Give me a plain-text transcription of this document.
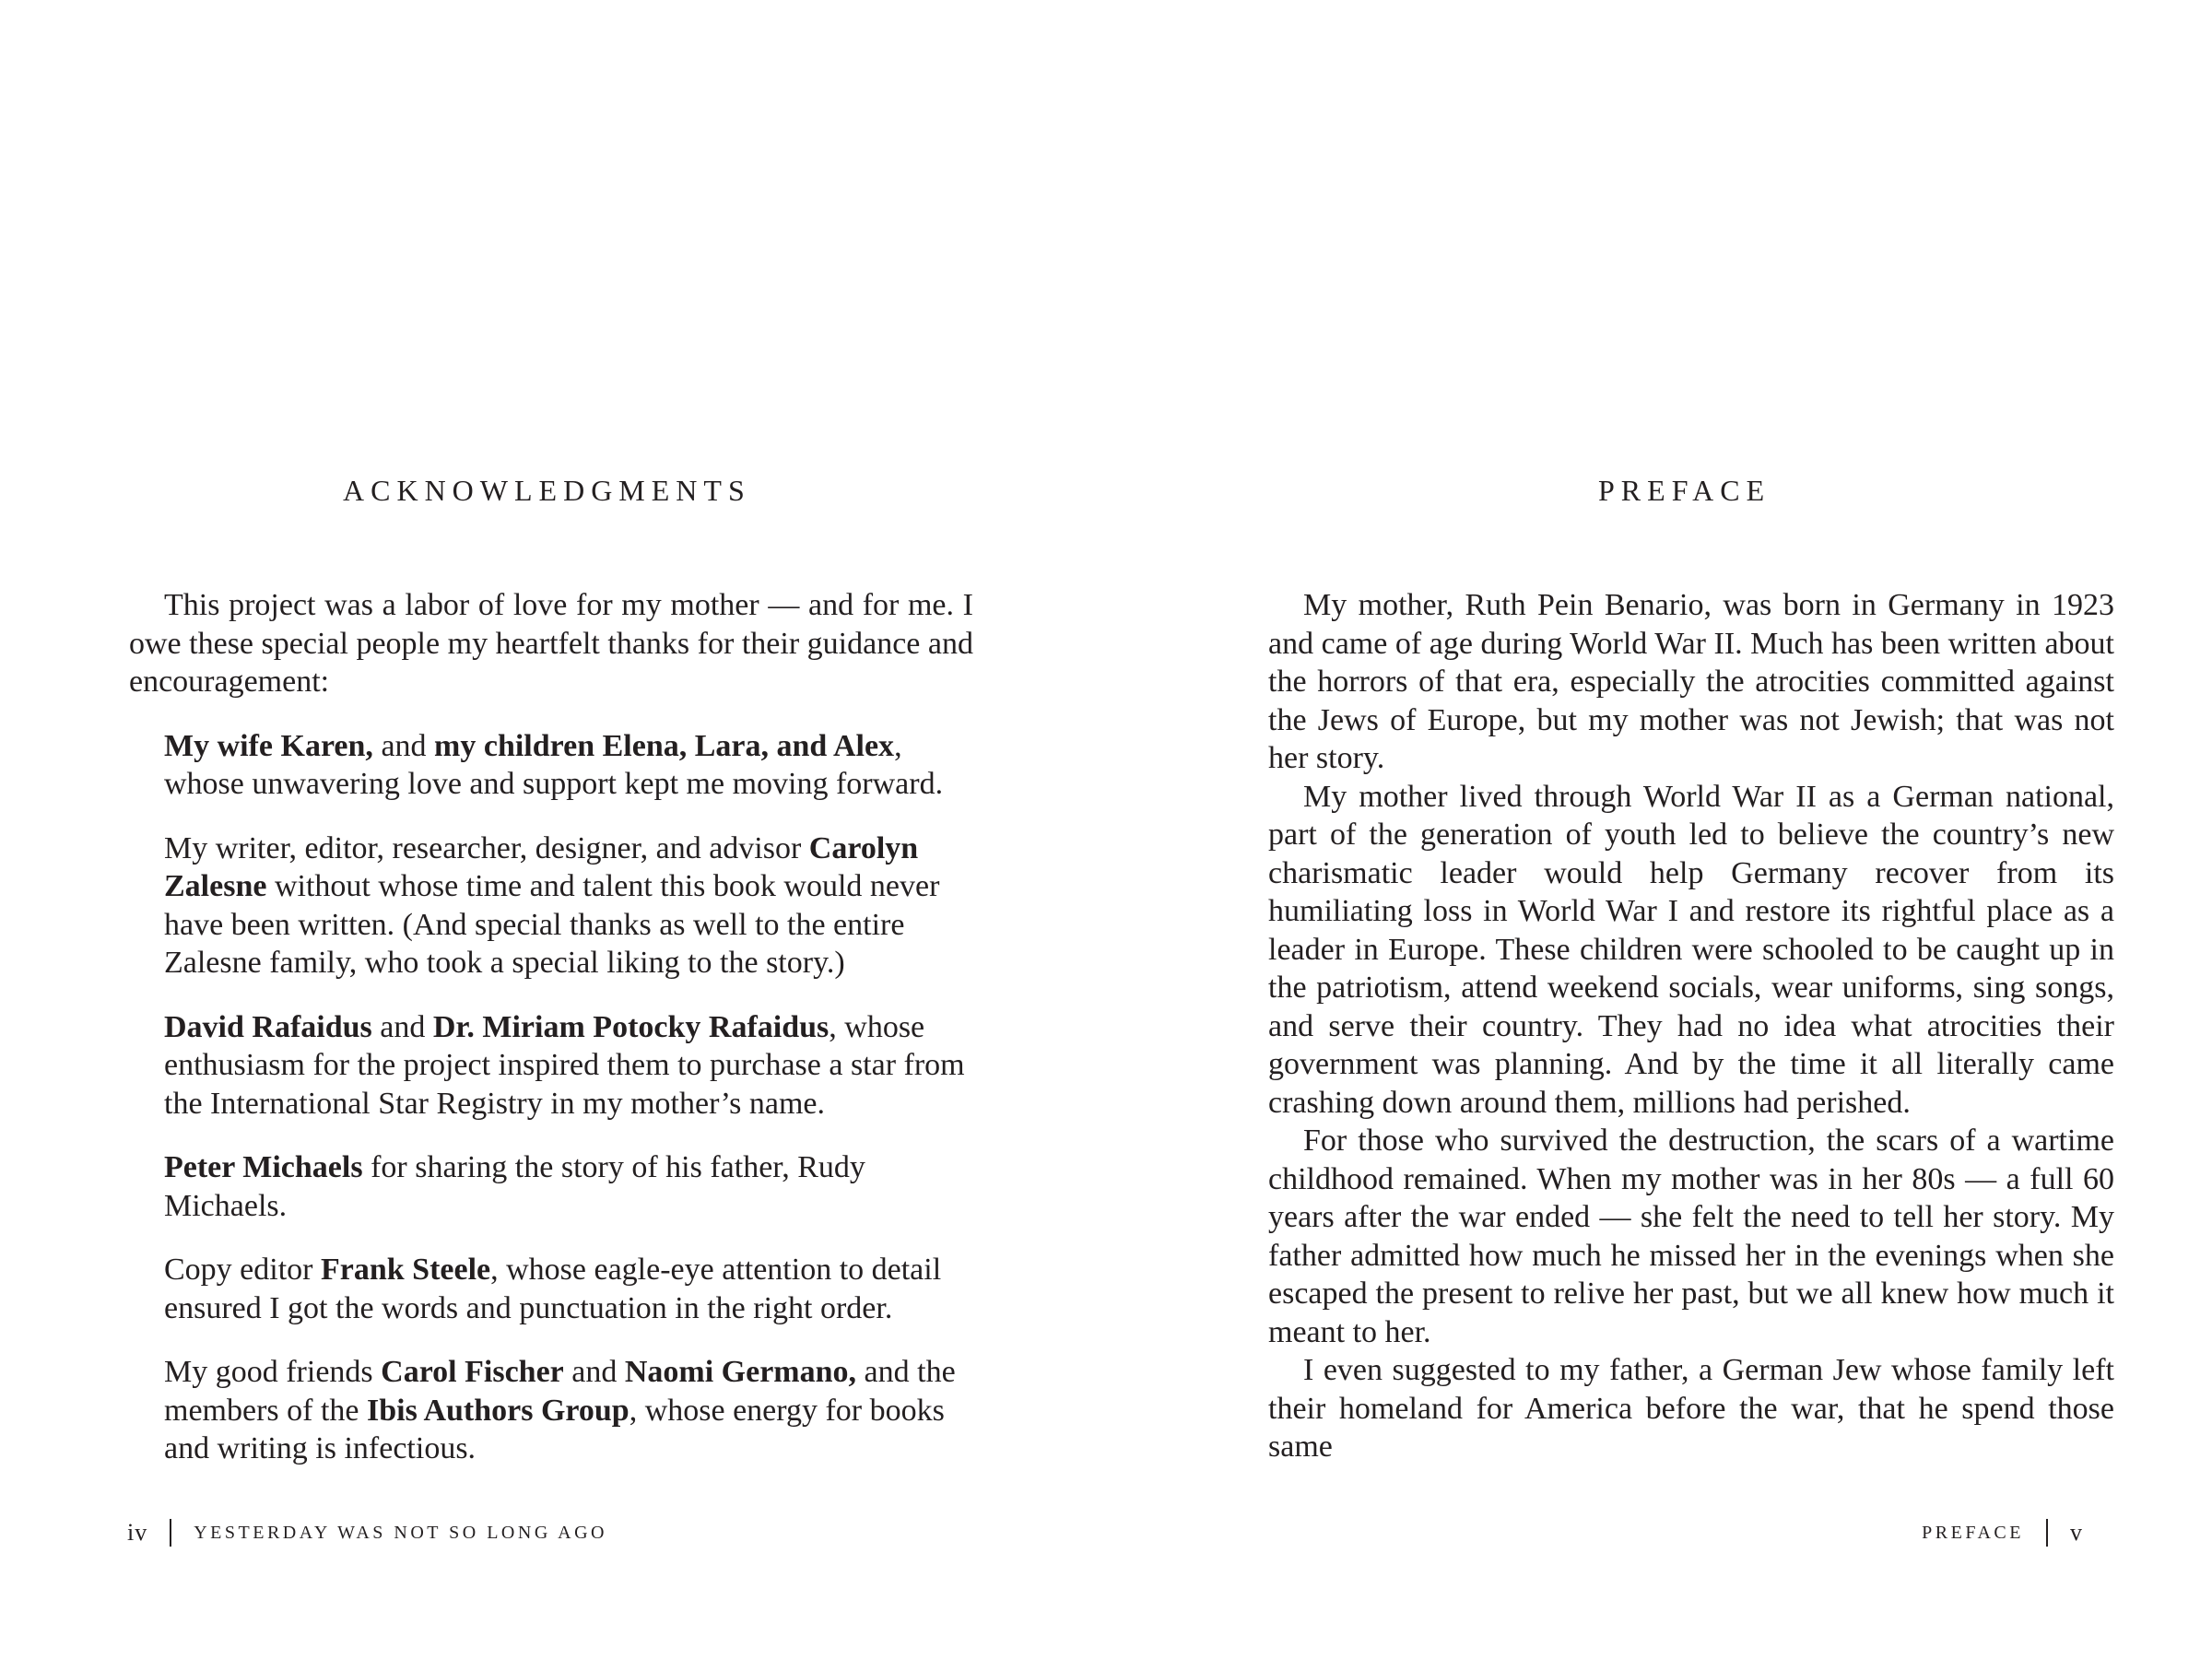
ACKNOWLEDGMENTS

This project was a labor of love for my mother — and for me. I owe these special people my heartfelt thanks for their guidance and encouragement:

My wife Karen, and my children Elena, Lara, and Alex, whose unwavering love and support kept me moving forward.

My writer, editor, researcher, designer, and advisor Carolyn Zalesne without whose time and talent this book would never have been written. (And special thanks as well to the entire Zalesne family, who took a special liking to the story.)

David Rafaidus and Dr. Miriam Potocky Rafaidus, whose enthusiasm for the project inspired them to purchase a star from the International Star Registry in my mother’s name.

Peter Michaels for sharing the story of his father, Rudy Michaels.

Copy editor Frank Steele, whose eagle-eye attention to detail ensured I got the words and punctuation in the right order.

My good friends Carol Fischer and Naomi Germano, and the members of the Ibis Authors Group, whose energy for books and writing is infectious.

iv	YESTERDAY WAS NOT SO LONG AGO
PREFACE

My mother, Ruth Pein Benario, was born in Germany in 1923 and came of age during World War II. Much has been written about the horrors of that era, especially the atrocities committed against the Jews of Europe, but my mother was not Jewish; that was not her story.

My mother lived through World War II as a German national, part of the generation of youth led to believe the country’s new charismatic leader would help Germany recover from its humiliating loss in World War I and restore its rightful place as a leader in Europe. These children were schooled to be caught up in the patriotism, attend weekend socials, wear uniforms, sing songs, and serve their country. They had no idea what atrocities their government was planning. And by the time it all literally came crashing down around them, millions had perished.

For those who survived the destruction, the scars of a wartime childhood remained. When my mother was in her 80s — a full 60 years after the war ended — she felt the need to tell her story. My father admitted how much he missed her in the evenings when she escaped the present to relive her past, but we all knew how much it meant to her.

I even suggested to my father, a German Jew whose family left their homeland for America before the war, that he spend those same

PREFACE v
